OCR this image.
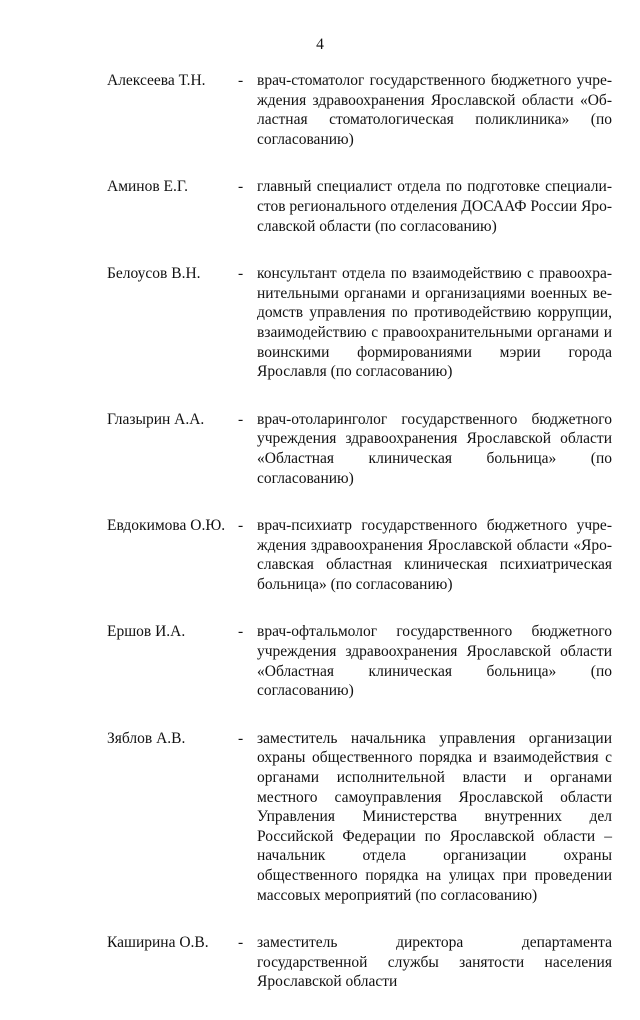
4
Алексеева Т.Н.	- врач-стоматолог государственного бюджетного учреждения здравоохранения Ярославской области «Областная стоматологическая поликлиника» (по согласованию)
Аминов Е.Г.	- главный специалист отдела по подготовке специалистов регионального отделения ДОСААФ России Ярославской области (по согласованию)
Белоусов В.Н.	- консультант отдела по взаимодействию с правоохранительными органами и организациями военных ведомств управления по противодействию коррупции, взаимодействию с правоохранительными органами и воинскими формированиями мэрии города Ярославля (по согласованию)
Глазырин А.А.	- врач-отоларинголог государственного бюджетного учреждения здравоохранения Ярославской области «Областная клиническая больница» (по согласованию)
Евдокимова О.Ю. - врач-психиатр государственного бюджетного учреждения здравоохранения Ярославской области «Ярославская областная клиническая психиатрическая больница» (по согласованию)
Ершов И.А.	- врач-офтальмолог государственного бюджетного учреждения здравоохранения Ярославской области «Областная клиническая больница» (по согласованию)
Зяблов А.В.	- заместитель начальника управления организации охраны общественного порядка и взаимодействия с органами исполнительной власти и органами местного самоуправления Ярославской области Управления Министерства внутренних дел Российской Федерации по Ярославской области – начальник отдела организации охраны общественного порядка на улицах при проведении массовых мероприятий (по согласованию)
Каширина О.В.	- заместитель директора департамента государственной службы занятости населения Ярославской области
